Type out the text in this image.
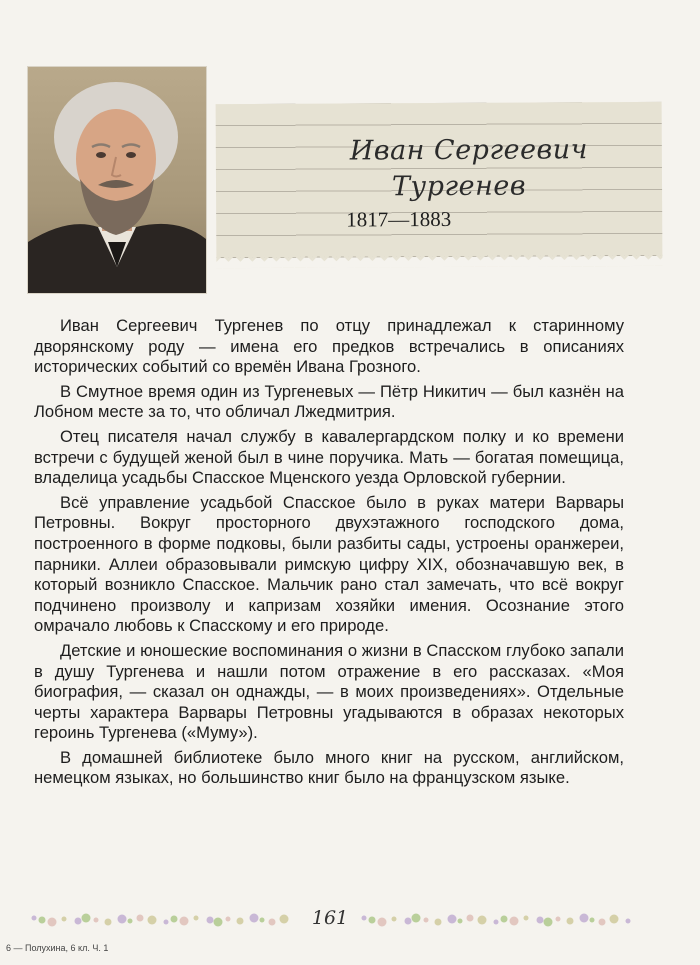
Иван Сергеевич
Тургенев
1817—1883

Иван Сергеевич Тургенев по отцу принадлежал к старинному дворянскому роду — имена его предков встречались в описаниях исторических событий со времён Ивана Грозного.

В Смутное время один из Тургеневых — Пётр Никитич — был казнён на Лобном месте за то, что обличал Лжедмитрия.

Отец писателя начал службу в кавалергардском полку и ко времени встречи с будущей женой был в чине поручика. Мать — богатая помещица, владелица усадьбы Спасское Мценского уезда Орловской губернии.

Всё управление усадьбой Спасское было в руках матери Варвары Петровны. Вокруг просторного двухэтажного господского дома, построенного в форме подковы, были разбиты сады, устроены оранжереи, парники. Аллеи образовывали римскую цифру XIX, обозначавшую век, в который возникло Спасское. Мальчик рано стал замечать, что всё вокруг подчинено произволу и капризам хозяйки имения. Осознание этого омрачало любовь к Спасскому и его природе.

Детские и юношеские воспоминания о жизни в Спасском глубоко запали в душу Тургенева и нашли потом отражение в его рассказах. «Моя биография, — сказал он однажды, — в моих произведениях». Отдельные черты характера Варвары Петровны угадываются в образах некоторых героинь Тургенева («Муму»).

В домашней библиотеке было много книг на русском, английском, немецком языках, но большинство книг было на французском языке.

161
6 — Полухина, 6 кл. Ч. 1
